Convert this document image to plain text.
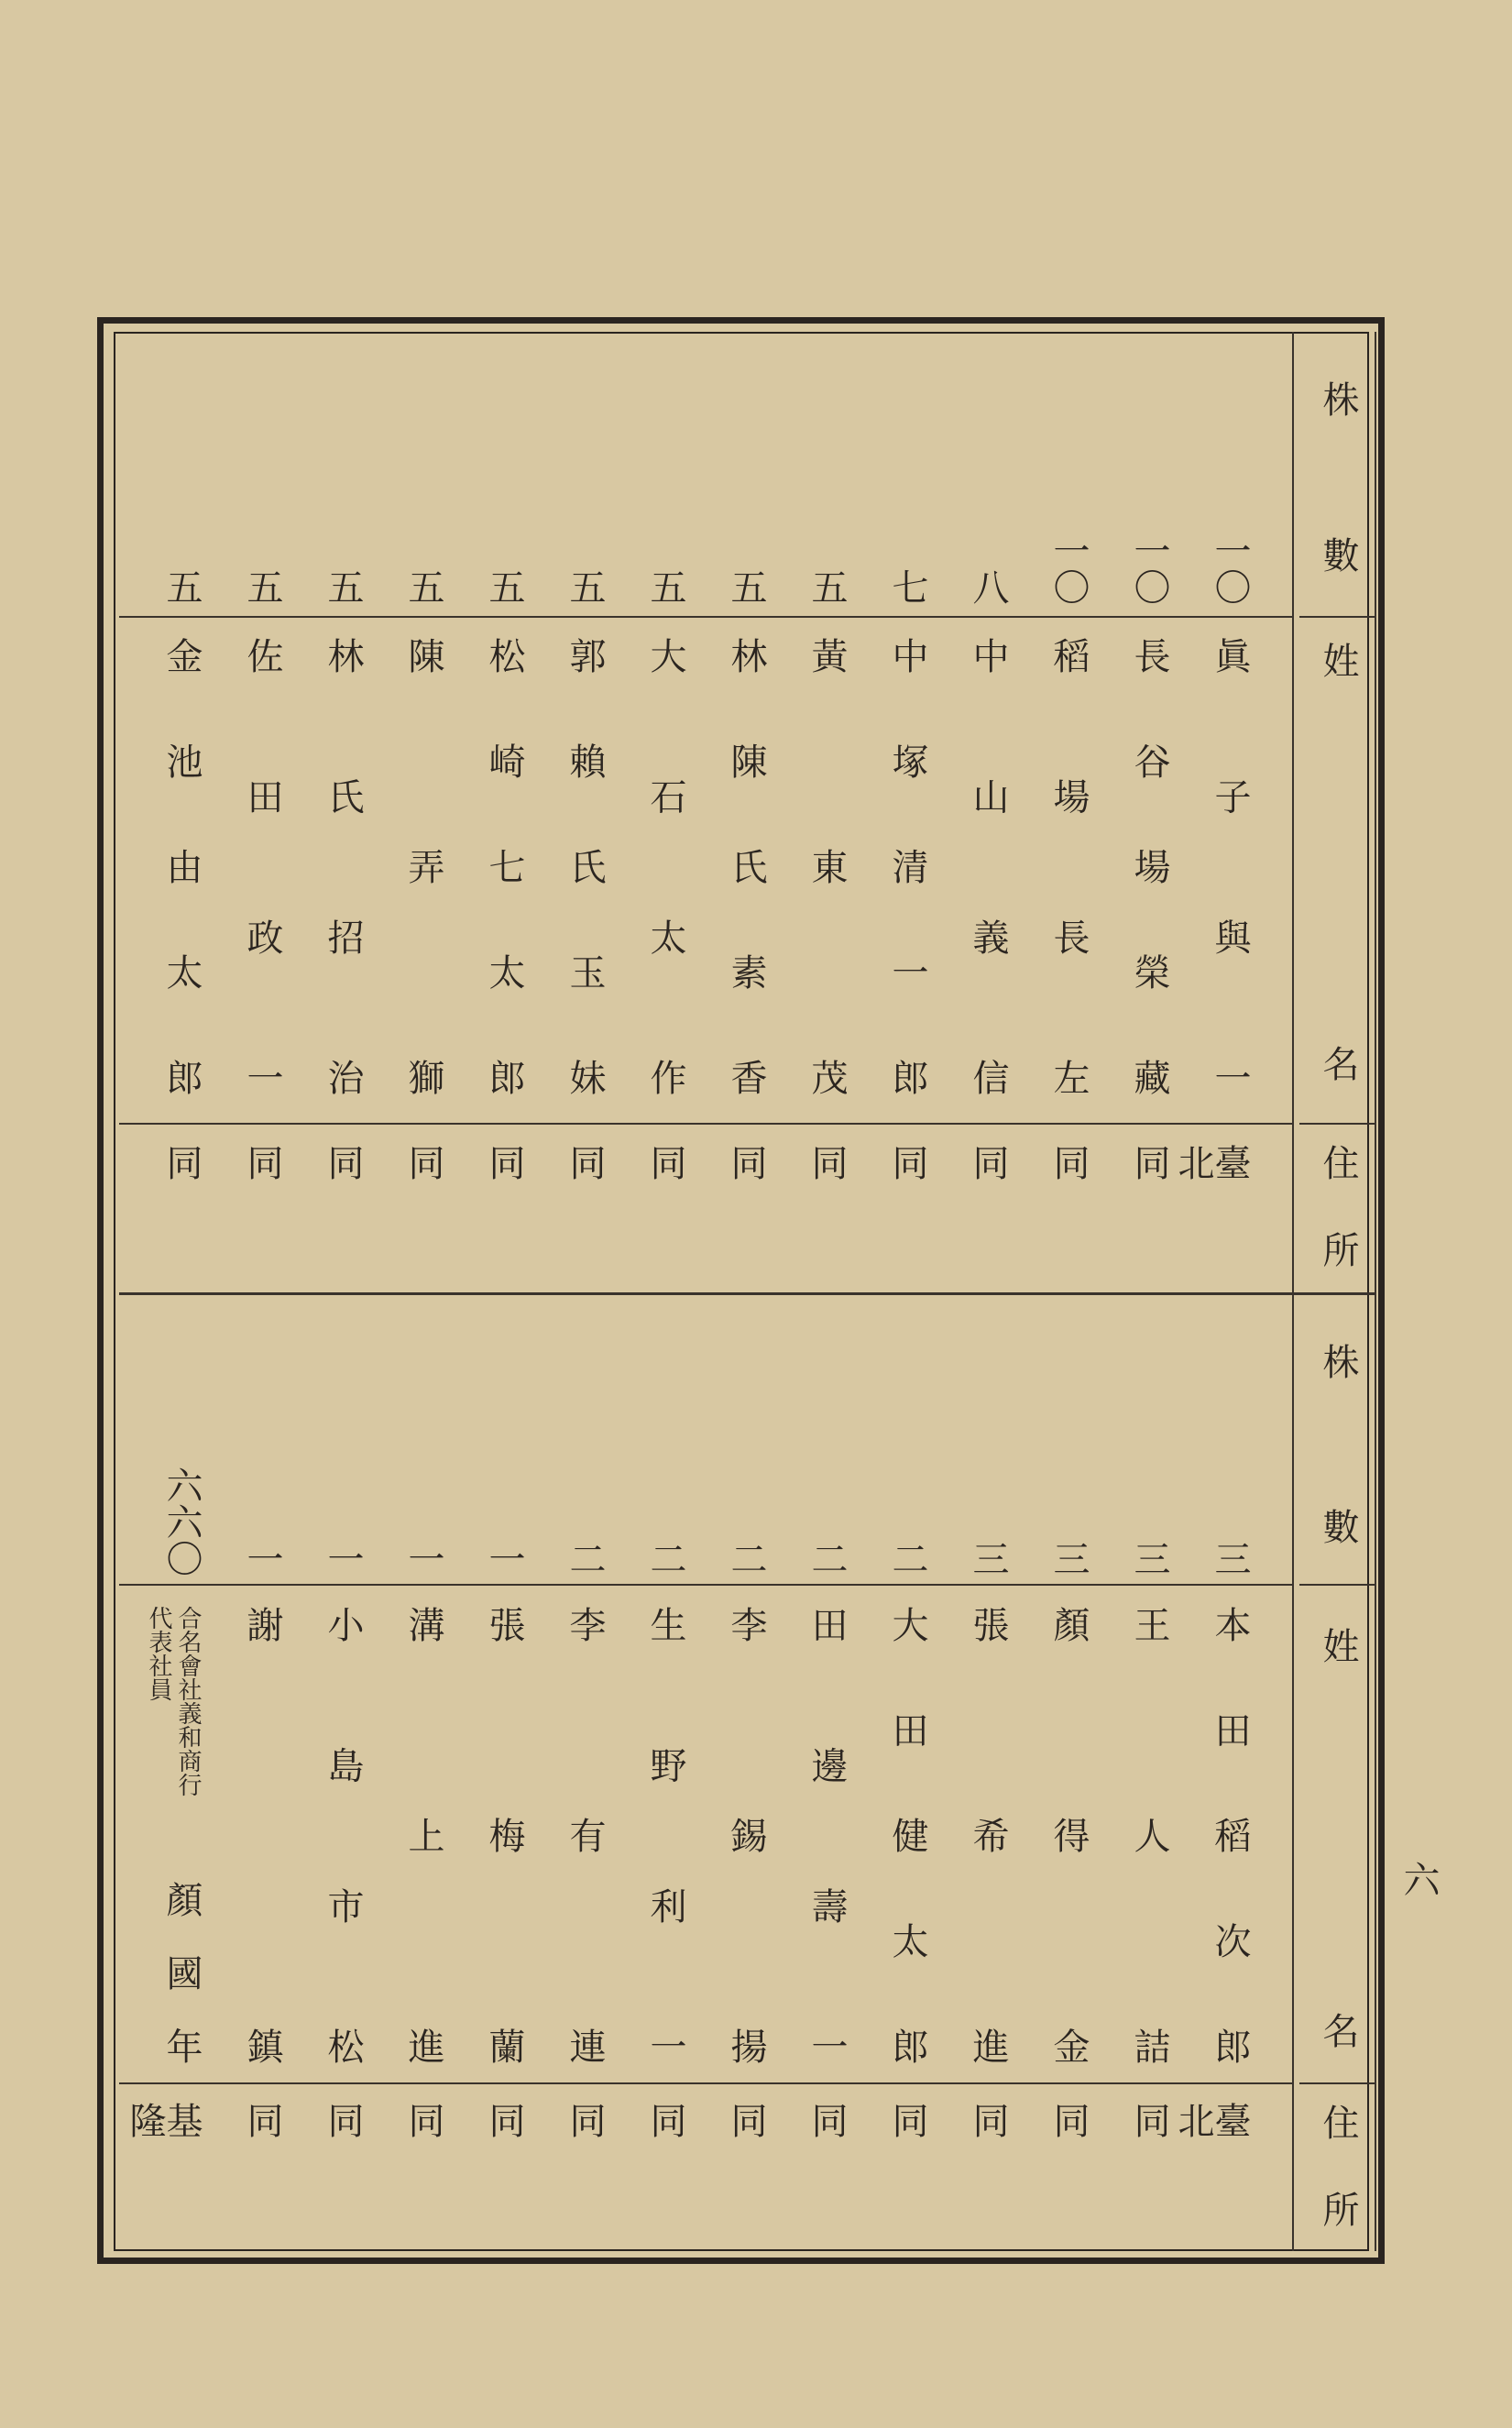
株數
姓名
住所
株數
姓名
住所
一〇
眞子與一
臺北
一〇
長谷場榮藏
同
一〇
稻場長左
同
八
中山義信
同
七
中塚清一郎
同
五
黃東茂
同
五
林陳氏素香
同
五
大石太作
同
五
郭賴氏玉妹
同
五
松崎七太郎
同
五
陳弄獅
同
五
林氏招治
同
五
佐田政一
同
五
金池由太郎
同
三
本田稻次郎
臺北
三
王人詰
同
三
顏得金
同
三
張希進
同
二
大田健太郎
同
二
田邊壽一
同
二
李錫揚
同
二
生野利一
同
二
李有連
同
一
張梅蘭
同
一
溝上進
同
一
小島市松
同
一
謝鎮
同
六六〇
合名會社義和商行
代表社員
顏國年
基隆
六
